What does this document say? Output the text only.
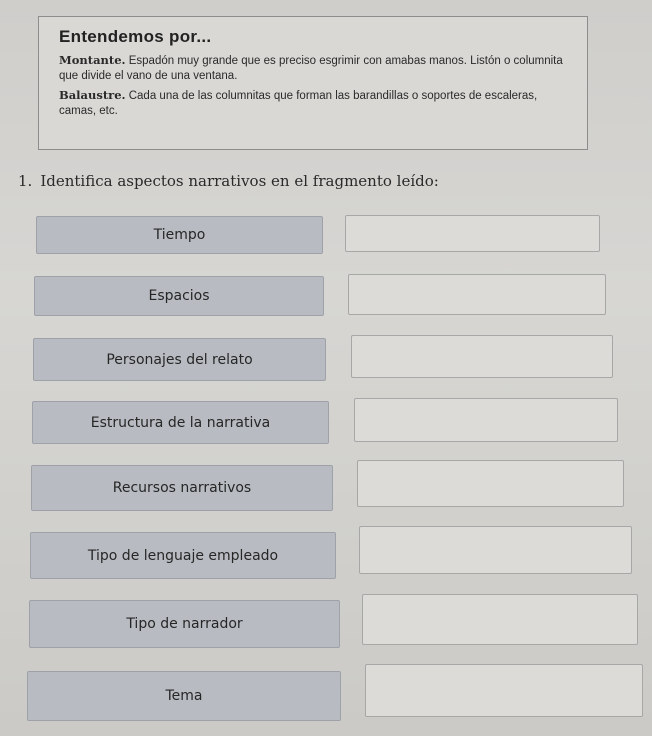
Entendemos por...
Montante. Espadón muy grande que es preciso esgrimir con amabas manos. Listón o columnita que divide el vano de una ventana.
Balaustre. Cada una de las columnitas que forman las barandillas o soportes de escaleras, camas, etc.
1. Identifica aspectos narrativos en el fragmento leído:
Tiempo
Espacios
Personajes del relato
Estructura de la narrativa
Recursos narrativos
Tipo de lenguaje empleado
Tipo de narrador
Tema
